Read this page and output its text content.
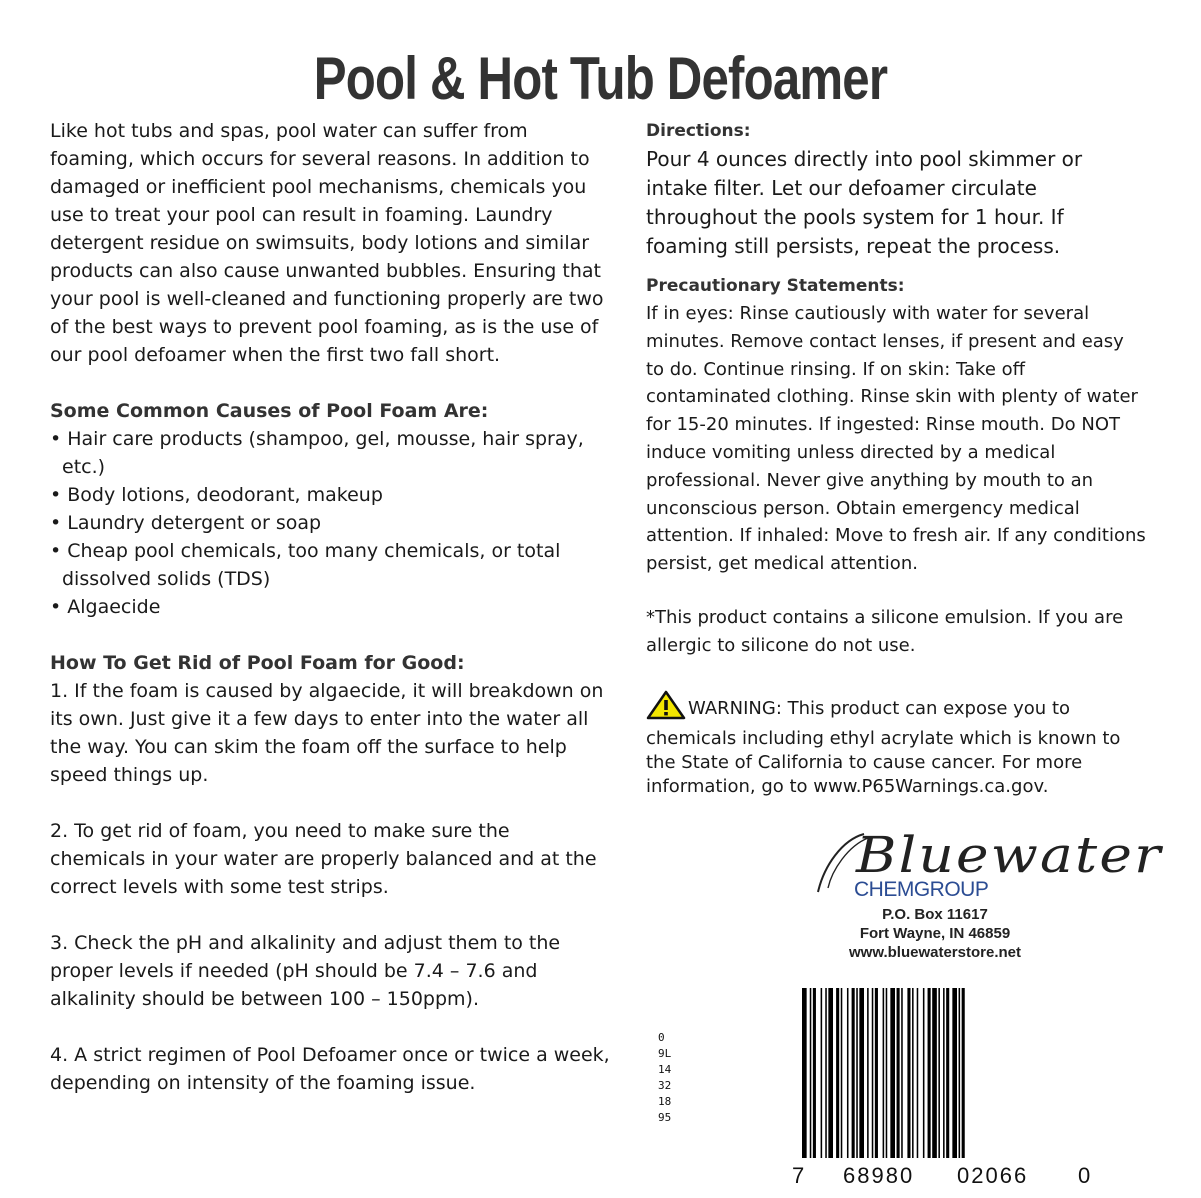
Pool & Hot Tub Defoamer

Like hot tubs and spas, pool water can suffer from foaming, which occurs for several reasons. In addition to damaged or inefficient pool mechanisms, chemicals you use to treat your pool can result in foaming. Laundry detergent residue on swimsuits, body lotions and similar products can also cause unwanted bubbles. Ensuring that your pool is well-cleaned and functioning properly are two of the best ways to prevent pool foaming, as is the use of our pool defoamer when the first two fall short.

Some Common Causes of Pool Foam Are:

• Hair care products (shampoo, gel, mousse, hair spray, etc.)

• Body lotions, deodorant, makeup

• Laundry detergent or soap

• Cheap pool chemicals, too many chemicals, or total dissolved solids (TDS)

• Algaecide

How To Get Rid of Pool Foam for Good:

1. If the foam is caused by algaecide, it will breakdown on its own. Just give it a few days to enter into the water all the way. You can skim the foam off the surface to help speed things up.

2. To get rid of foam, you need to make sure the chemicals in your water are properly balanced and at the correct levels with some test strips.

3. Check the pH and alkalinity and adjust them to the proper levels if needed (pH should be 7.4 – 7.6 and alkalinity should be between 100 – 150ppm).

4. A strict regimen of Pool Defoamer once or twice a week, depending on intensity of the foaming issue.

Directions:

Pour 4 ounces directly into pool skimmer or intake filter. Let our defoamer circulate throughout the pools system for 1 hour. If foaming still persists, repeat the process.

Precautionary Statements:

If in eyes: Rinse cautiously with water for several minutes. Remove contact lenses, if present and easy to do. Continue rinsing. If on skin: Take off contaminated clothing. Rinse skin with plenty of water for 15-20 minutes. If ingested: Rinse mouth. Do NOT induce vomiting unless directed by a medical professional. Never give anything by mouth to an unconscious person. Obtain emergency medical attention. If inhaled: Move to fresh air. If any conditions persist, get medical attention.

*This product contains a silicone emulsion. If you are allergic to silicone do not use.

WARNING: This product can expose you to chemicals including ethyl acrylate which is known to the State of California to cause cancer. For more information, go to www.P65Warnings.ca.gov.

Bluewater
CHEMGROUP
P.O. Box 11617
Fort Wayne, IN 46859
www.bluewaterstore.net
7 68980 02066 0
0
9L
14
32
18
95
